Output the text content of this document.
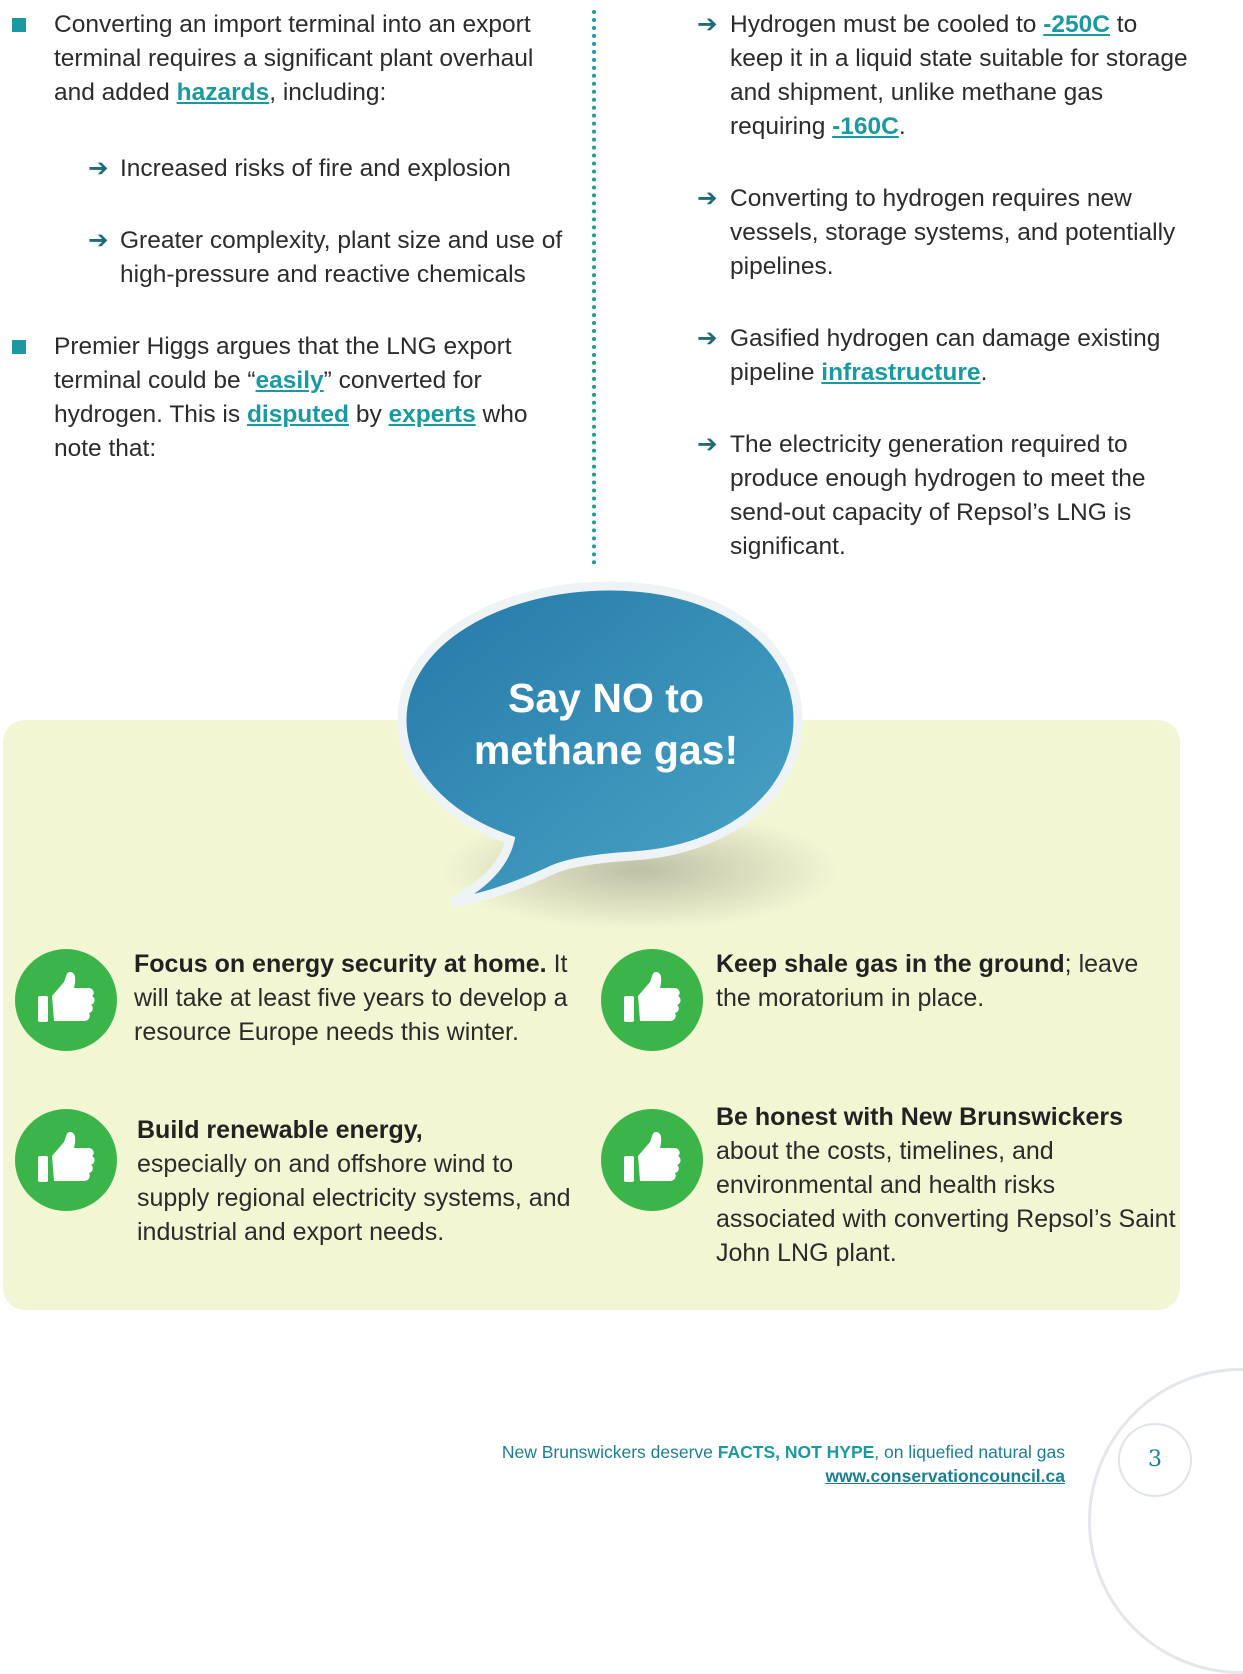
Converting an import terminal into an export terminal requires a significant plant overhaul and added hazards, including:
➔ Increased risks of fire and explosion
➔ Greater complexity, plant size and use of high-pressure and reactive chemicals
Premier Higgs argues that the LNG export terminal could be “easily” converted for hydrogen. This is disputed by experts who note that:
➔ Hydrogen must be cooled to -250C to keep it in a liquid state suitable for storage and shipment, unlike methane gas requiring -160C.
➔ Converting to hydrogen requires new vessels, storage systems, and potentially pipelines.
➔ Gasified hydrogen can damage existing pipeline infrastructure.
➔ The electricity generation required to produce enough hydrogen to meet the send-out capacity of Repsol’s LNG is significant.
Say NO to
methane gas!
Focus on energy security at home. It will take at least five years to develop a resource Europe needs this winter.
Keep shale gas in the ground; leave the moratorium in place.
Build renewable energy,
especially on and offshore wind to supply regional electricity systems, and industrial and export needs.
Be honest with New Brunswickers
about the costs, timelines, and environmental and health risks associated with converting Repsol’s Saint John LNG plant.
New Brunswickers deserve FACTS, NOT HYPE, on liquefied natural gas
www.conservationcouncil.ca
3
